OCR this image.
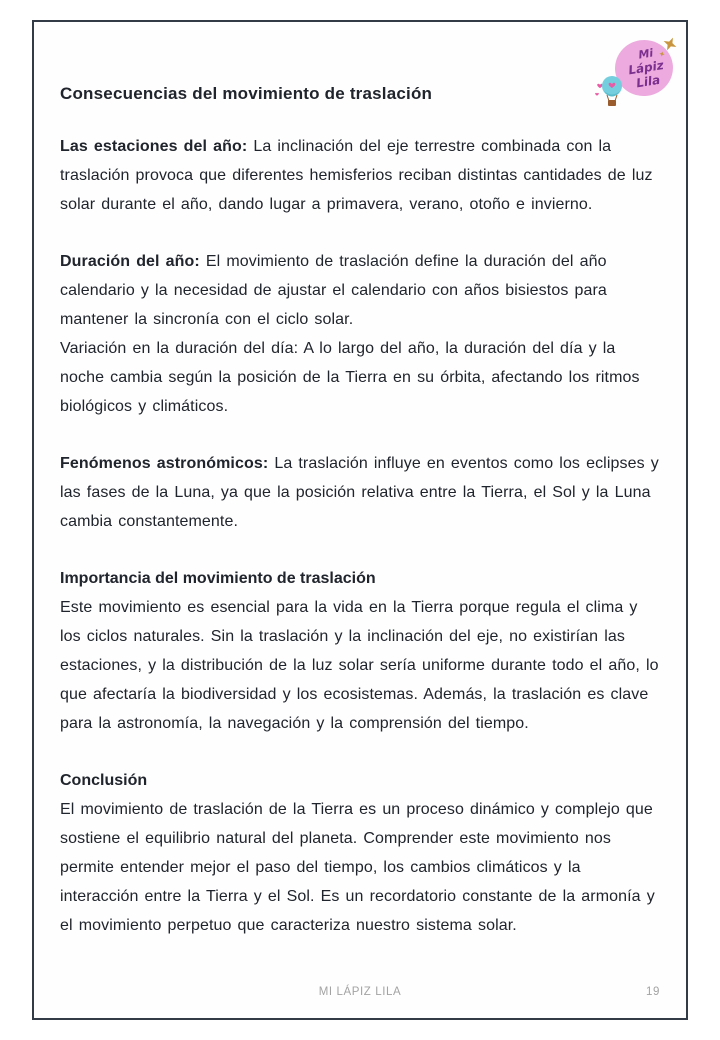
Mi
Lápiz
Lila
Consecuencias del movimiento de traslación

Las estaciones del año: La inclinación del eje terrestre combinada con la traslación provoca que diferentes hemisferios reciban distintas cantidades de luz solar durante el año, dando lugar a primavera, verano, otoño e invierno.

Duración del año: El movimiento de traslación define la duración del año calendario y la necesidad de ajustar el calendario con años bisiestos para mantener la sincronía con el ciclo solar.

Variación en la duración del día: A lo largo del año, la duración del día y la noche cambia según la posición de la Tierra en su órbita, afectando los ritmos biológicos y climáticos.

Fenómenos astronómicos: La traslación influye en eventos como los eclipses y las fases de la Luna, ya que la posición relativa entre la Tierra, el Sol y la Luna cambia constantemente.

Importancia del movimiento de traslación

Este movimiento es esencial para la vida en la Tierra porque regula el clima y los ciclos naturales. Sin la traslación y la inclinación del eje, no existirían las estaciones, y la distribución de la luz solar sería uniforme durante todo el año, lo que afectaría la biodiversidad y los ecosistemas. Además, la traslación es clave para la astronomía, la navegación y la comprensión del tiempo.

Conclusión

El movimiento de traslación de la Tierra es un proceso dinámico y complejo que sostiene el equilibrio natural del planeta. Comprender este movimiento nos permite entender mejor el paso del tiempo, los cambios climáticos y la interacción entre la Tierra y el Sol. Es un recordatorio constante de la armonía y el movimiento perpetuo que caracteriza nuestro sistema solar.

MI LÁPIZ LILA	19
